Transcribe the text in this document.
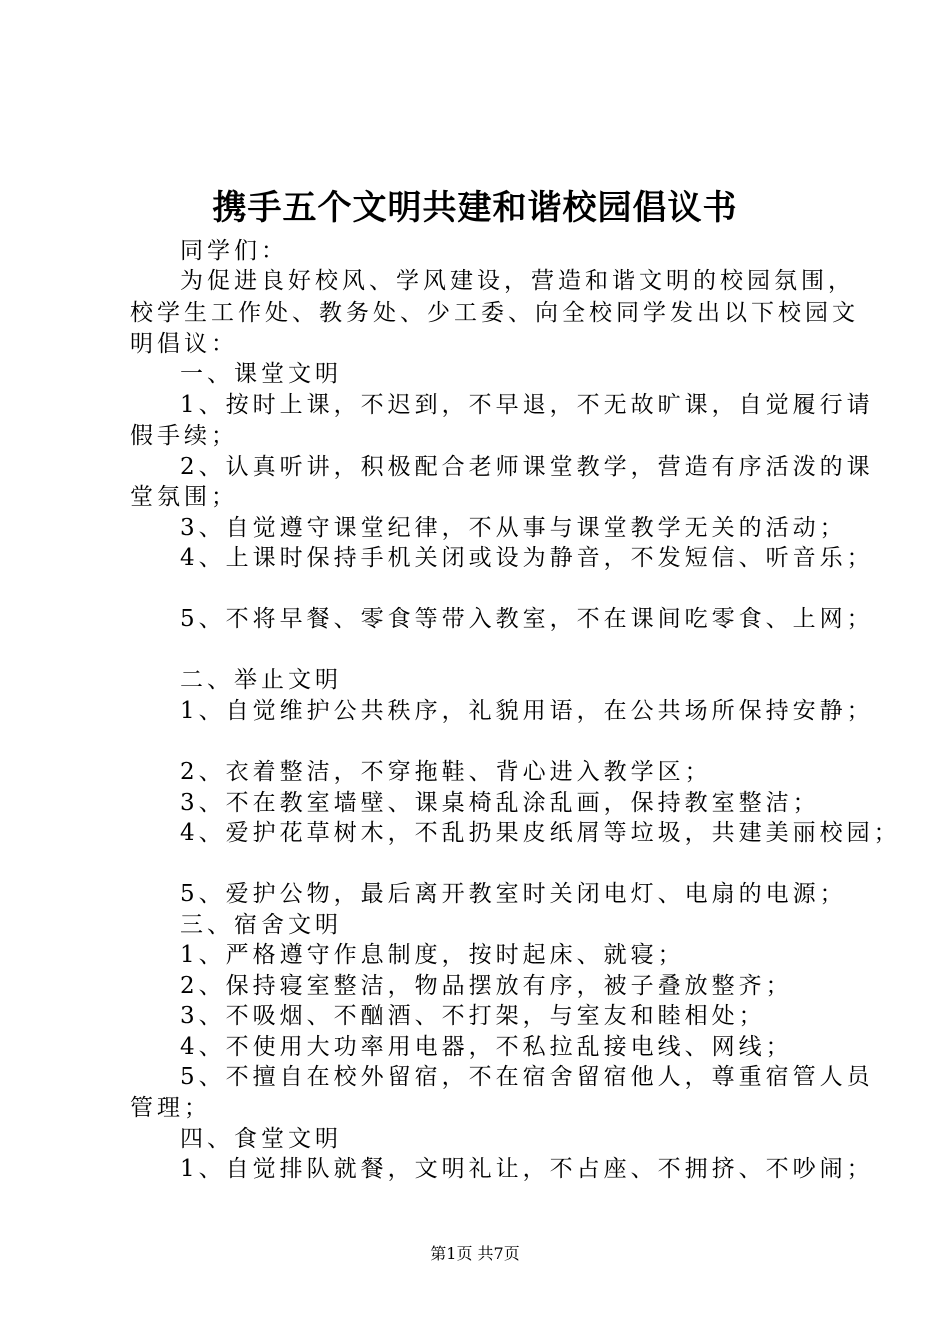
携手五个文明共建和谐校园倡议书
同学们：
为促进良好校风、学风建设，营造和谐文明的校园氛围，
校学生工作处、教务处、少工委、向全校同学发出以下校园文
明倡议：
一、课堂文明
1、按时上课，不迟到，不早退，不无故旷课，自觉履行请
假手续；
2、认真听讲，积极配合老师课堂教学，营造有序活泼的课
堂氛围；
3、自觉遵守课堂纪律，不从事与课堂教学无关的活动；
4、上课时保持手机关闭或设为静音，不发短信、听音乐；
5、不将早餐、零食等带入教室，不在课间吃零食、上网；
二、举止文明
1、自觉维护公共秩序，礼貌用语，在公共场所保持安静；
2、衣着整洁，不穿拖鞋、背心进入教学区；
3、不在教室墙壁、课桌椅乱涂乱画，保持教室整洁；
4、爱护花草树木，不乱扔果皮纸屑等垃圾，共建美丽校园；
5、爱护公物，最后离开教室时关闭电灯、电扇的电源；
三、宿舍文明
1、严格遵守作息制度，按时起床、就寝；
2、保持寝室整洁，物品摆放有序，被子叠放整齐；
3、不吸烟、不酗酒、不打架，与室友和睦相处；
4、不使用大功率用电器，不私拉乱接电线、网线；
5、不擅自在校外留宿，不在宿舍留宿他人，尊重宿管人员
管理；
四、食堂文明
1、自觉排队就餐，文明礼让，不占座、不拥挤、不吵闹；
第1页 共7页
